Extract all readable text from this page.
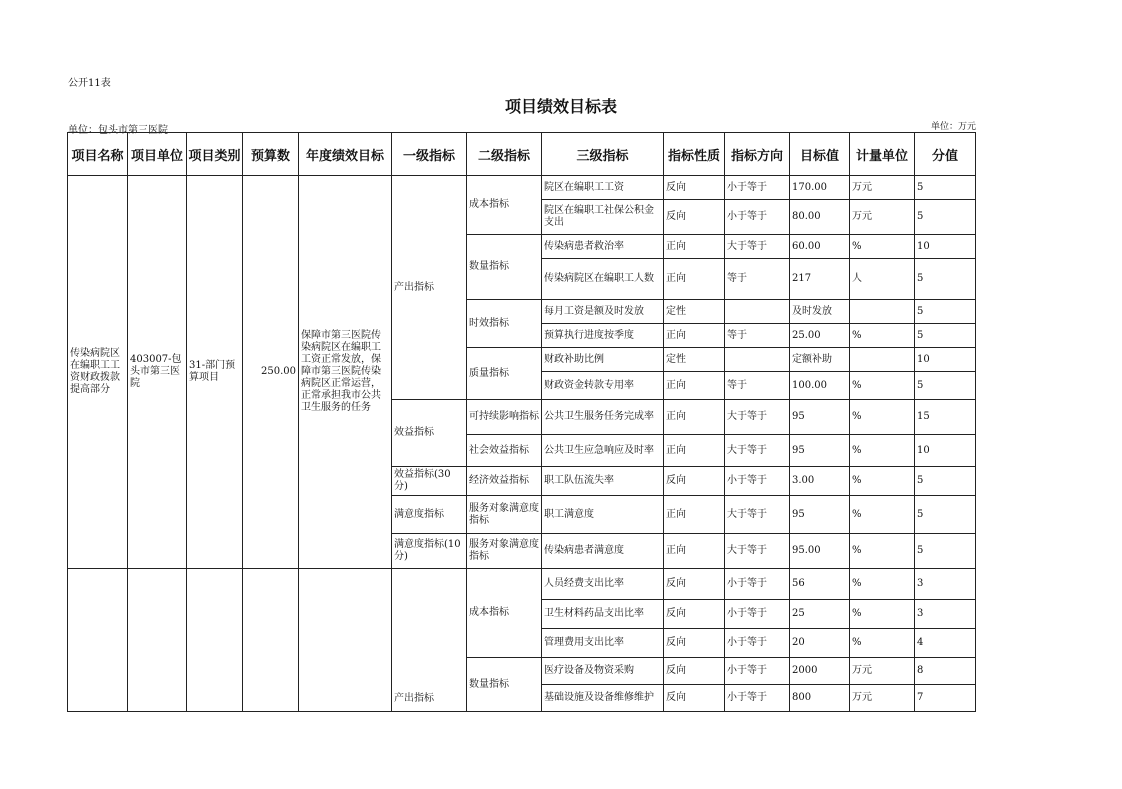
公开11表
项目绩效目标表
单位：包头市第三医院	单位：万元
项目名称	项目单位	项目类别	预算数	年度绩效目标	一级指标	二级指标	三级指标	指标性质	指标方向	目标值	计量单位	分值
传染病院区在编职工工资财政拨款提高部分	403007-包头市第三医院	31-部门预算项目	250.00	保障市第三医院传染病院区在编职工工资正常发放，保障市第三医院传染病院区正常运营，正常承担我市公共卫生服务的任务	产出指标	成本指标	院区在编职工工资	反向	小于等于	170.00	万元	5
							院区在编职工社保公积金支出	反向	小于等于	80.00	万元	5
						数量指标	传染病患者救治率	正向	大于等于	60.00	%	10
							传染病院区在编职工人数	正向	等于	217	人	5
						时效指标	每月工资是额及时发放	定性		及时发放		5
							预算执行进度按季度	正向	等于	25.00	%	5
						质量指标	财政补助比例	定性		定额补助		10
							财政资金转款专用率	正向	等于	100.00	%	5
					效益指标	可持续影响指标	公共卫生服务任务完成率	正向	大于等于	95	%	15
						社会效益指标	公共卫生应急响应及时率	正向	大于等于	95	%	10
					效益指标(30分)	经济效益指标	职工队伍流失率	反向	小于等于	3.00	%	5
					满意度指标	服务对象满意度指标	职工满意度	正向	大于等于	95	%	5
					满意度指标(10分)	服务对象满意度指标	传染病患者满意度	正向	大于等于	95.00	%	5
					产出指标	成本指标	人员经费支出比率	反向	小于等于	56	%	3
							卫生材料药品支出比率	反向	小于等于	25	%	3
							管理费用支出比率	反向	小于等于	20	%	4
						数量指标	医疗设备及物资采购	反向	小于等于	2000	万元	8
							基础设施及设备维修维护	反向	小于等于	800	万元	7
